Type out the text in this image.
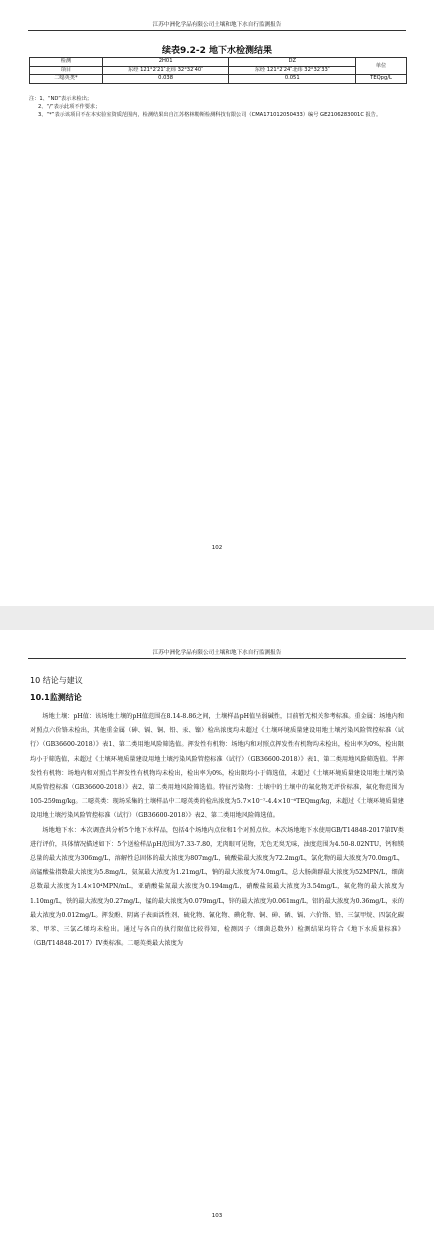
江苏中洲化学品有限公司土壤和地下水自行监测报告
续表9.2-2 地下水检测结果
检测	2H01	DZ	单位
项目	东经 121°2′21″北纬 32°32′40″	东经 121°2′24″北纬 32°32′33″	
二噁英类*	0.038	0.051	TEQpg/L
注：1、“ND”表示未检出；
2、“/”表示此项不作要求；
3、“*”表示该项目不在本实验室资质范围内，检测结果出自江苏格林勒斯检测科技有限公司（CMA171012050433）编号 GE2106283001C 报告。
102
江苏中洲化学品有限公司土壤和地下水自行监测报告
10 结论与建议
10.1监测结论

场地土壤：pH值：该场地土壤的pH值范围在8.14-8.86之间，土壤样品pH值呈弱碱性，目前暂无相关参考标准。重金属：场地内和对照点六价铬未检出，其他重金属（砷、镉、铜、铅、汞、镍）检出浓度均未超过《土壤环境质量建设用地土壤污染风险管控标准（试行）（GB36600-2018）》表1、第二类用地风险筛选值。挥发性有机物：场地内和对照点挥发性有机物均未检出，检出率为0%，检出限均小于筛选值，未超过《土壤环境质量建设用地土壤污染风险管控标准（试行）（GB36600-2018）》表1、第二类用地风险筛选值。半挥发性有机物：场地内和对照点半挥发性有机物均未检出，检出率为0%，检出限均小于筛选值，未超过《土壤环境质量建设用地土壤污染风险管控标准（GB36600-2018）》表2、第二类用地风险筛选值。特征污染物：土壤中的土壤中的氟化物无评价标准，氟化物范围为105-259mg/kg。二噁英类：现场采集的土壤样品中二噁英类的检出浓度为5.7×10⁻⁷-4.4×10⁻⁶TEQmg/kg，未超过《土壤环境质量建设用地土壤污染风险管控标准（试行）（GB36600-2018）》表2、第二类用地风险筛选值。

场地地下水：本次调查共分析5个地下水样品，包括4个场地内点位和1个对照点位。本次场地地下水使用GB/T14848-2017第IV类进行评价，具体情况描述如下：5个送检样品pH范围为7.33-7.80，无肉眼可见物，无色无臭无味，浊度范围为4.50-8.02NTU，钙和镁总量的最大浓度为306mg/L，溶解性总固体的最大浓度为807mg/L，硫酸盐最大浓度为72.2mg/L，氯化物的最大浓度为70.0mg/L，高锰酸盐指数最大浓度为5.8mg/L，氨氮最大浓度为1.21mg/L，钠的最大浓度为74.0mg/L，总大肠菌群最大浓度为52MPN/L，细菌总数最大浓度为1.4×10⁴MPN/mL，亚硝酸盐氮最大浓度为0.194mg/L，硝酸盐氮最大浓度为3.54mg/L，氟化物的最大浓度为1.10mg/L，铁的最大浓度为0.27mg/L，锰的最大浓度为0.079mg/L，锌的最大浓度为0.061mg/L，铝的最大浓度为0.36mg/L，汞的最大浓度为0.012mg/L。挥发酚、阴离子表面活性剂、硫化物、氰化物、碘化物、铜、砷、硒、镉、六价铬、铅、三氯甲烷、四氯化碳苯、甲苯、三氯乙烯均未检出。通过与各自的执行限值比较得知，检测因子（细菌总数外）检测结果均符合《地下水质量标准》（GB/T14848-2017）IV类标准。二噁英类最大浓度为

103
